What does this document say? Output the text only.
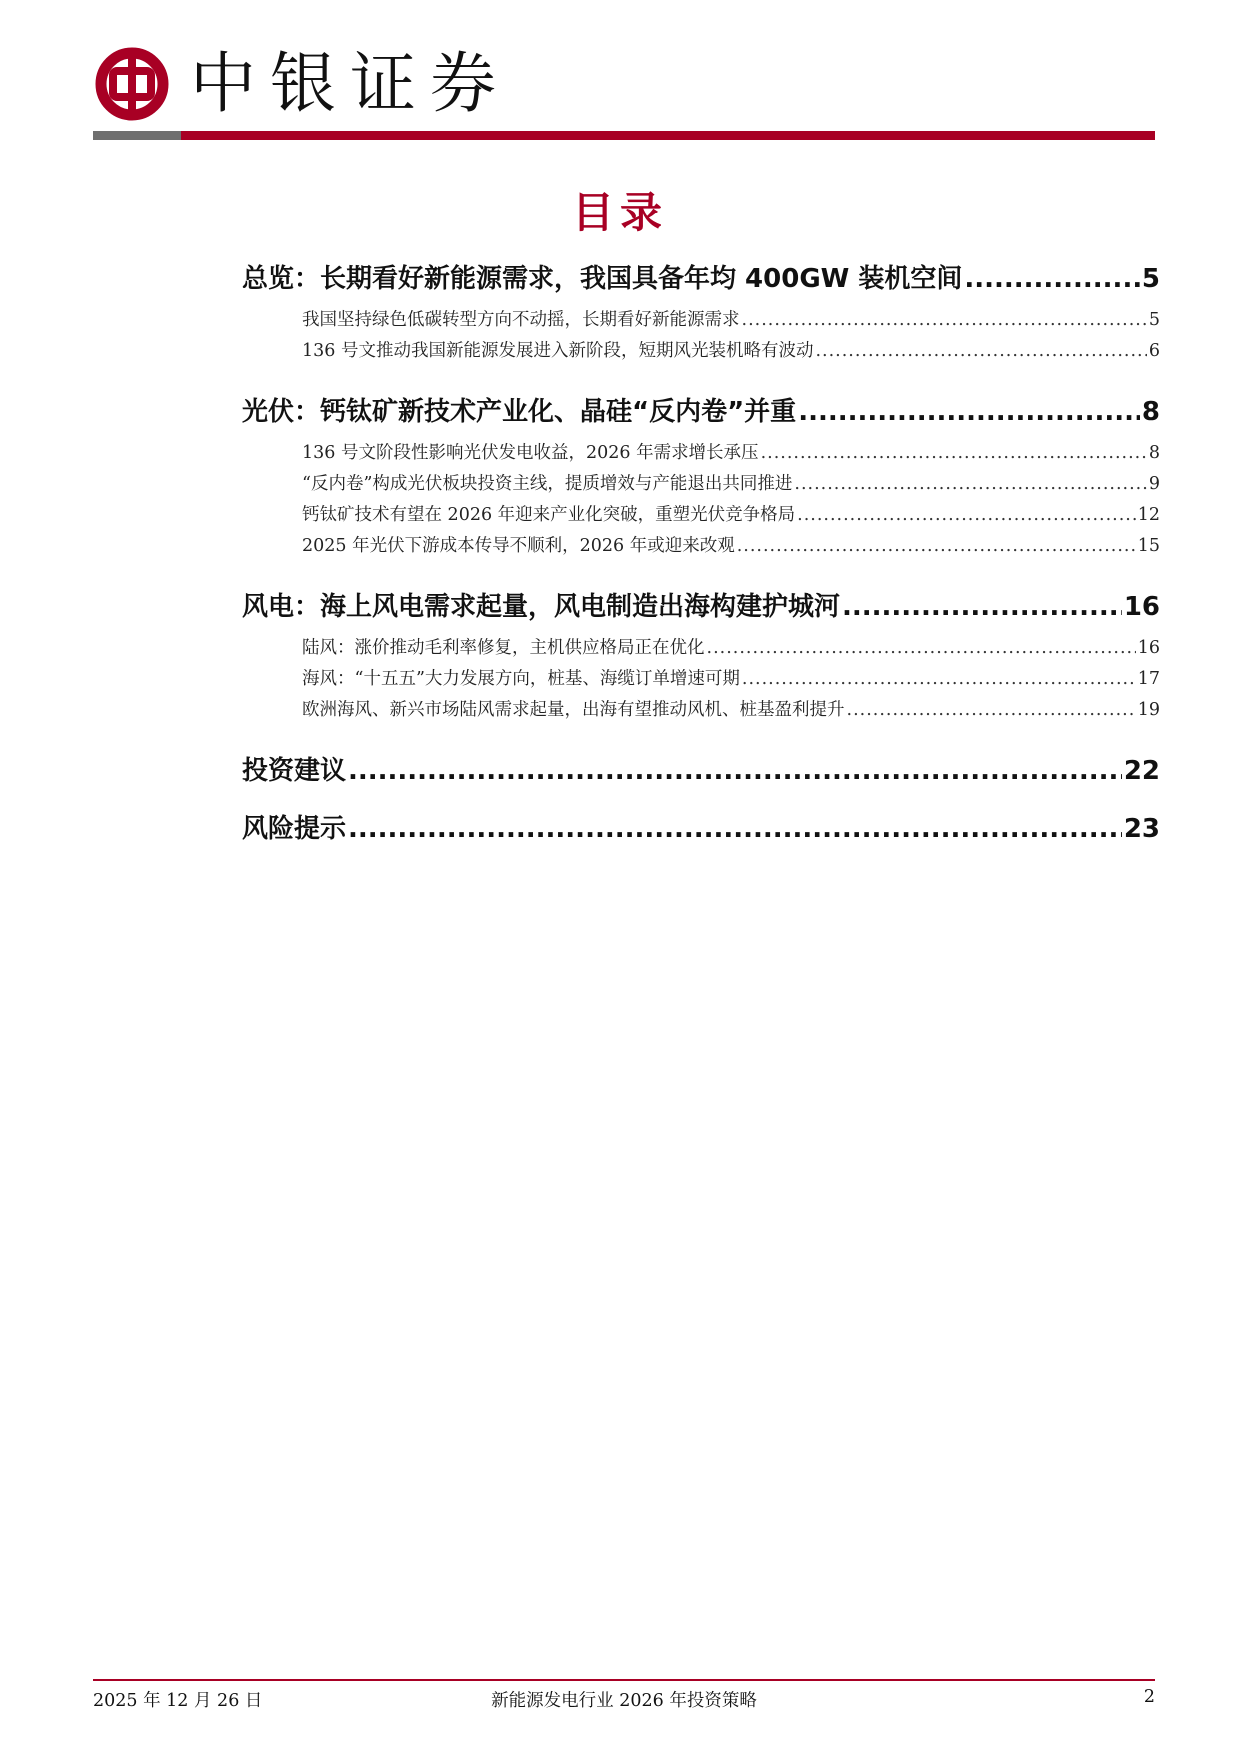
中银证券
目录
总览：长期看好新能源需求，我国具备年均 400GW 装机空间 .....	5
我国坚持绿色低碳转型方向不动摇，长期看好新能源需求 .....	5
136 号文推动我国新能源发展进入新阶段，短期风光装机略有波动 .....	6
光伏：钙钛矿新技术产业化、晶硅“反内卷”并重 .....	8
136 号文阶段性影响光伏发电收益，2026 年需求增长承压 .....	8
“反内卷”构成光伏板块投资主线，提质增效与产能退出共同推进 .....	9
钙钛矿技术有望在 2026 年迎来产业化突破，重塑光伏竞争格局 .....	12
2025 年光伏下游成本传导不顺利，2026 年或迎来改观 .....	15
风电：海上风电需求起量，风电制造出海构建护城河 .....	16
陆风：涨价推动毛利率修复，主机供应格局正在优化 .....	16
海风：“十五五”大力发展方向，桩基、海缆订单增速可期 .....	17
欧洲海风、新兴市场陆风需求起量，出海有望推动风机、桩基盈利提升 .....	19
投资建议 .....	22
风险提示 .....	23
2025 年 12 月 26 日	新能源发电行业 2026 年投资策略	2
